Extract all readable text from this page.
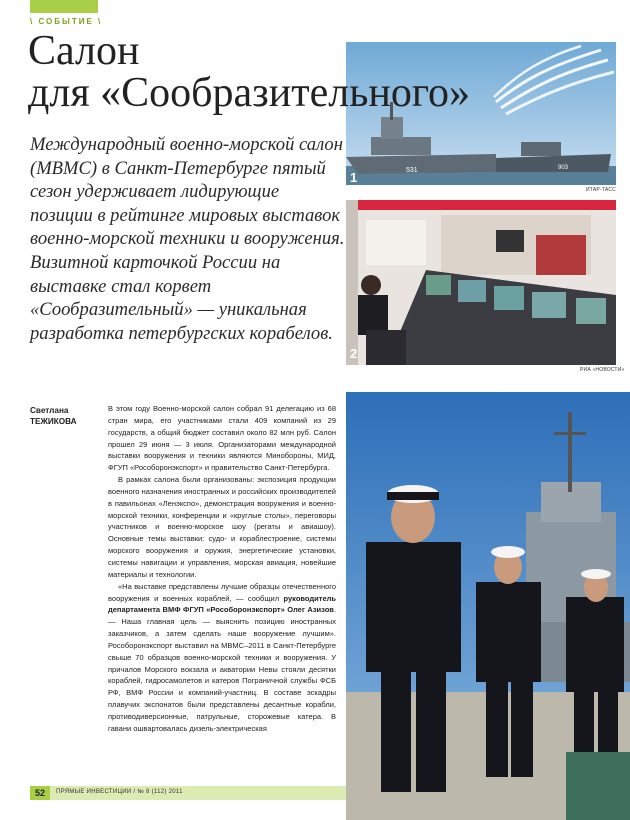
\ СОБЫТИЕ \
Салон
для «Сообразительного»

Международный военно-морской салон (МВМС) в Санкт-Петербурге пятый сезон удерживает лидирующие позиции в рейтинге мировых выставок военно-морской техники и вооружения. Визитной карточкой России на выставке стал корвет «Сообразительный» — уникальная разработка петербургских корабелов.

531	903
1
ИТАР-ТАСС
2
РИА «НОВОСТИ»
Светлана
ТЕЖИКОВА

В этом году Военно-морской салон собрал 91 делегацию из 68 стран мира, его участниками стали 409 компаний из 29 государств, а общий бюджет составил около 82 млн руб. Салон прошел 29 июня — 3 июля. Организаторами международной выставки вооружения и техники являются Минобороны, МИД, ФГУП «Рособоронэкспорт» и правительство Санкт-Петербурга.

В рамках салона были организованы: экспозиция продукции военного назначения иностранных и российских производителей в павильонах «Ленэкспо», демонстрация вооружения и военно-морской техники, конференции и «круглые столы», переговоры участников и военно-морское шоу (регаты и авиашоу). Основные темы выставки: судо- и кораблестроение, системы морского вооружения и оружия, энергетические установки, системы навигации и управления, морская авиация, новейшие материалы и технологии.

«На выставке представлены лучшие образцы отечественного вооружения и военных кораблей, — сообщил руководитель департамента ВМФ ФГУП «Рособоронэкспорт» Олег Азизов. — Наша главная цель — выяснить позицию иностранных заказчиков, а затем сделать наше вооружение лучшим». Рособоронэкспорт выставил на МВМС–2011 в Санкт-Петербурге свыше 70 образцов военно-морской техники и вооружения. У причалов Морского вокзала и акватории Невы стояли десятки кораблей, гидросамолетов и катеров Пограничной службы ФСБ РФ, ВМФ России и компаний-участниц. В составе эскадры плавучих экспонатов были представлены десантные корабли, противодиверсионные, патрульные, сторожевые катера. В гавани ошвартовалась дизель-электрическая

52	ПРЯМЫЕ ИНВЕСТИЦИИ / № 8 (112) 2011
